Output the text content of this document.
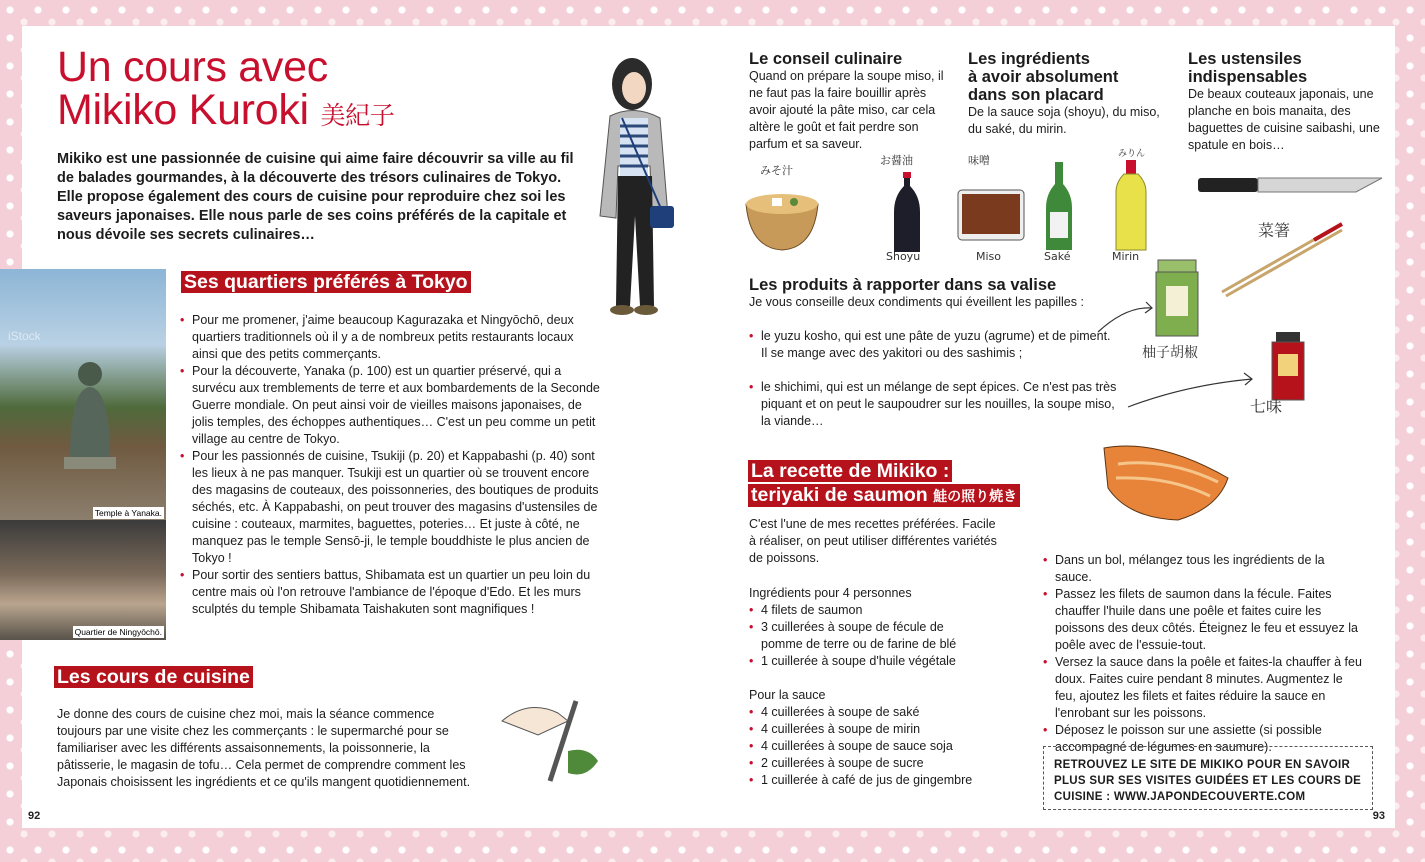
Un cours avec
Mikiko Kuroki 美紀子

Mikiko est une passionnée de cuisine qui aime faire découvrir sa ville au fil de balades gourmandes, à la découverte des trésors culinaires de Tokyo. Elle propose également des cours de cuisine pour reproduire chez soi les saveurs japonaises. Elle nous parle de ses coins préférés de la capitale et nous dévoile ses secrets culinaires…

iStock
Temple à Yanaka.
Quartier de Ningyōchō.
Ses quartiers préférés à Tokyo
• Pour me promener, j'aime beaucoup Kagurazaka et Ningyōchō, deux quartiers traditionnels où il y a de nombreux petits restaurants locaux ainsi que des petits commerçants.
• Pour la découverte, Yanaka (p. 100) est un quartier préservé, qui a survécu aux tremblements de terre et aux bombardements de la Seconde Guerre mondiale. On peut ainsi voir de vieilles maisons japonaises, de jolis temples, des échoppes authentiques… C'est un peu comme un petit village au centre de Tokyo.
• Pour les passionnés de cuisine, Tsukiji (p. 20) et Kappabashi (p. 40) sont les lieux à ne pas manquer. Tsukiji est un quartier où se trouvent encore des magasins de couteaux, des poissonneries, des boutiques de produits séchés, etc. À Kappabashi, on peut trouver des magasins d'ustensiles de cuisine : couteaux, marmites, baguettes, poteries… Et juste à côté, ne manquez pas le temple Sensō-ji, le temple bouddhiste le plus ancien de Tokyo !
• Pour sortir des sentiers battus, Shibamata est un quartier un peu loin du centre mais où l'on retrouve l'ambiance de l'époque d'Edo. Et les murs sculptés du temple Shibamata Taishakuten sont magnifiques !
Les cours de cuisine

Je donne des cours de cuisine chez moi, mais la séance commence toujours par une visite chez les commerçants : le supermarché pour se familiariser avec les différents assaisonnements, la poissonnerie, la pâtisserie, le magasin de tofu… Cela permet de comprendre comment les Japonais choisissent les ingrédients et ce qu'ils mangent quotidiennement.

92

Le conseil culinaire

Quand on prépare la soupe miso, il ne faut pas la faire bouillir après avoir ajouté la pâte miso, car cela altère le goût et fait perdre son parfum et sa saveur.

Les ingrédients

à avoir absolument

dans son placard

De la sauce soja (shoyu), du miso, du saké, du mirin.

Les ustensiles

indispensables

De beaux couteaux japonais, une planche en bois manaita, des baguettes de cuisine saibashi, une spatule en bois…

みそ汁
お醤油
Shoyu
味噌
Miso	Saké
みりん
Mirin
菜箸

Les produits à rapporter dans sa valise

Je vous conseille deux condiments qui éveillent les papilles :

• le yuzu kosho, qui est une pâte de yuzu (agrume) et de piment. Il se mange avec des yakitori ou des sashimis ;
• le shichimi, qui est un mélange de sept épices. Ce n'est pas très piquant et on peut le saupoudrer sur les nouilles, la soupe miso, la viande…
柚子胡椒
七味
La recette de Mikiko :
teriyaki de saumon 鮭の照り焼き

C'est l'une de mes recettes préférées. Facile à réaliser, on peut utiliser différentes variétés de poissons.

Ingrédients pour 4 personnes

• 4 filets de saumon
• 3 cuillerées à soupe de fécule de pomme de terre ou de farine de blé
• 1 cuillerée à soupe d'huile végétale

Pour la sauce

• 4 cuillerées à soupe de saké
• 4 cuillerées à soupe de mirin
• 4 cuillerées à soupe de sauce soja
• 2 cuillerées à soupe de sucre
• 1 cuillerée à café de jus de gingembre
• Dans un bol, mélangez tous les ingrédients de la sauce.
• Passez les filets de saumon dans la fécule. Faites chauffer l'huile dans une poêle et faites cuire les poissons des deux côtés. Éteignez le feu et essuyez la poêle avec de l'essuie-tout.
• Versez la sauce dans la poêle et faites-la chauffer à feu doux. Faites cuire pendant 8 minutes. Augmentez le feu, ajoutez les filets et faites réduire la sauce en l'enrobant sur les poissons.
• Déposez le poisson sur une assiette (si possible accompagné de légumes en saumure).
RETROUVEZ LE SITE DE MIKIKO POUR EN SAVOIR PLUS SUR SES VISITES GUIDÉES ET LES COURS DE CUISINE : WWW.JAPONDECOUVERTE.COM
93
